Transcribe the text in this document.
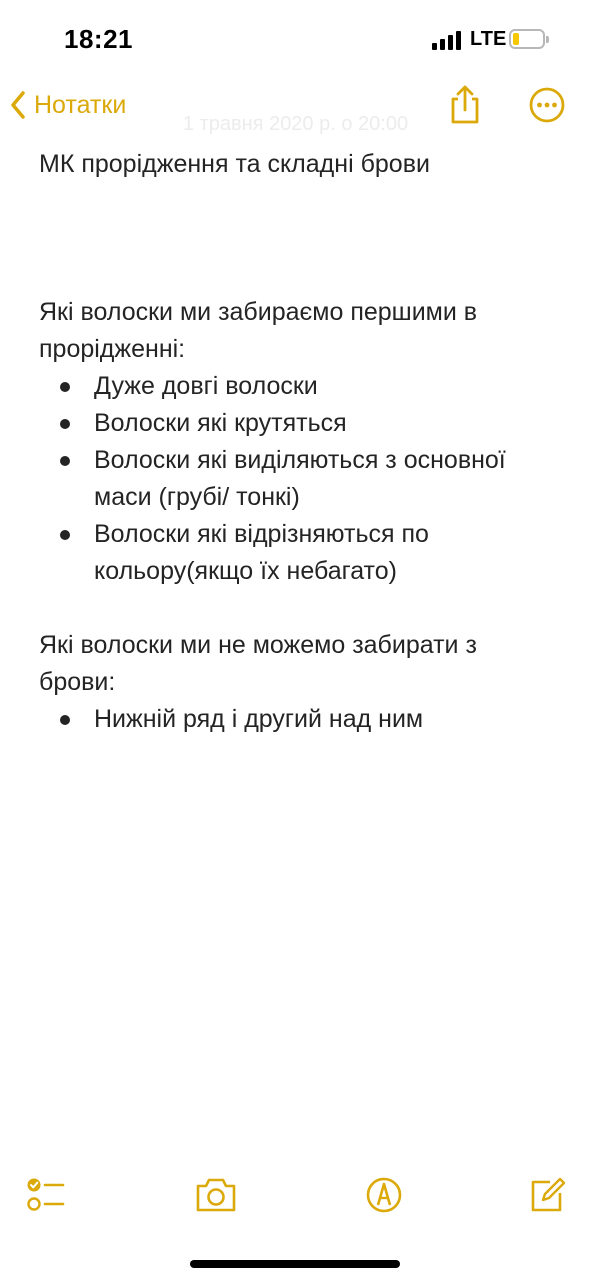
18:21	LTE
1 травня 2020 р. о 20:00
Нотатки

МК прорідження та складні брови

Які волоски ми забираємо першими в прорідженні:

Дуже довгі волоски
Волоски які крутяться
Волоски які виділяються з основної маси (грубі/ тонкі)
Волоски які відрізняються по кольору(якщо їх небагато)

Які волоски ми не можемо забирати з брови:

Нижній ряд і другий над ним
